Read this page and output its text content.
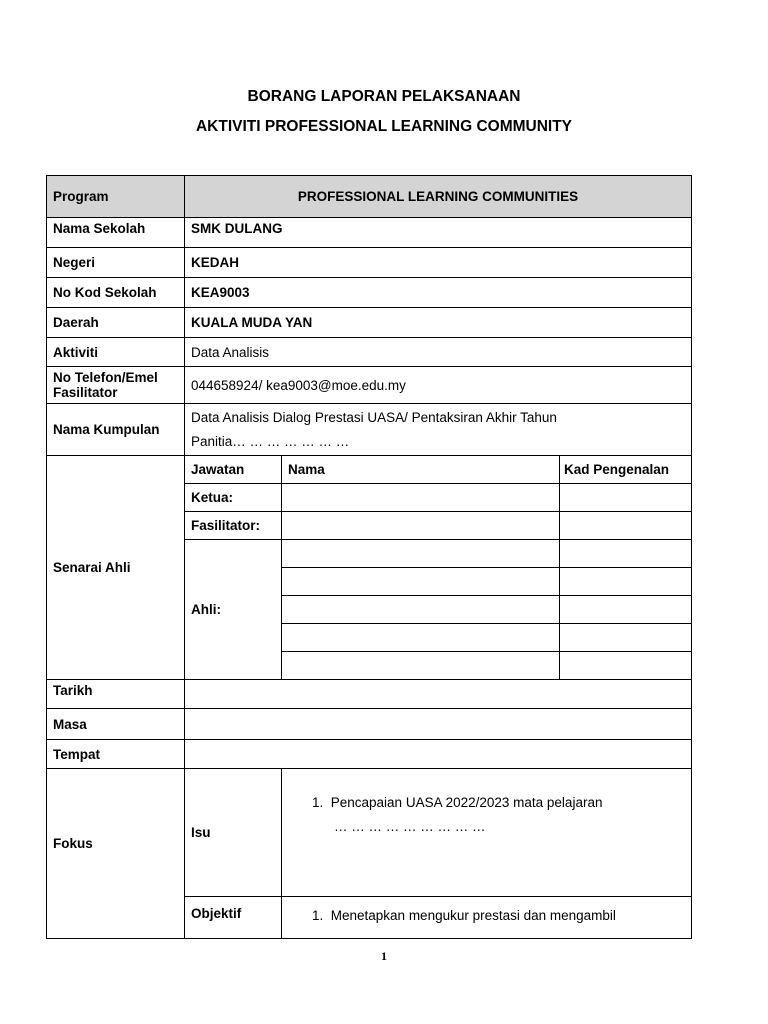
BORANG LAPORAN PELAKSANAAN
AKTIVITI PROFESSIONAL LEARNING COMMUNITY
Program	PROFESSIONAL LEARNING COMMUNITIES		
Nama Sekolah	SMK DULANG		
Negeri	KEDAH		
No Kod Sekolah	KEA9003		
Daerah	KUALA MUDA YAN		
Aktiviti	Data Analisis		
No Telefon/Emel
Fasilitator	044658924/ kea9003@moe.edu.my		
Nama Kumpulan	Data Analisis Dialog Prestasi UASA/ Pentaksiran Akhir Tahun
Panitia… … … … … … …		
Senarai Ahli	Jawatan	Nama	Kad Pengenalan
	Ketua:		
	Fasilitator:		
	Ahli:		

Tarikh			
Masa			
Tempat			
Fokus	Isu	1.  Pencapaian UASA 2022/2023 mata pelajaran
… … … … … … … … …	
	Objektif	1.  Menetapkan mengukur prestasi dan mengambil	
1
